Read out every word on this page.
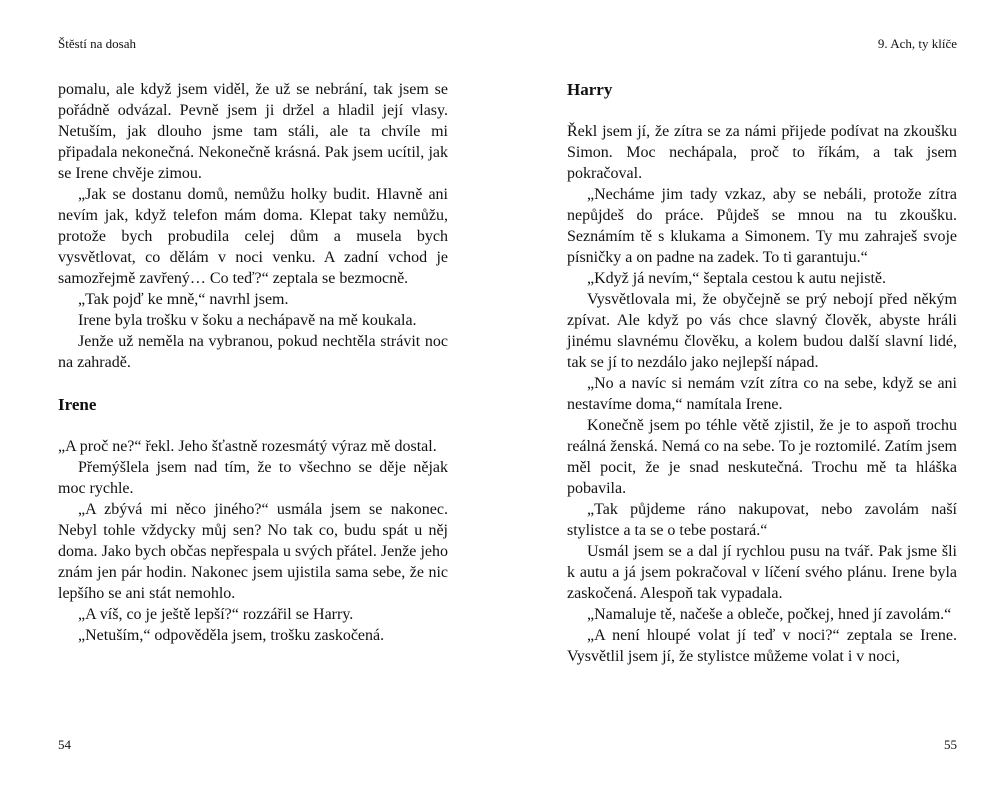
Štěstí na dosah

pomalu, ale když jsem viděl, že už se nebrání, tak jsem se pořádně odvázal. Pevně jsem ji držel a hladil její vlasy. Netuším, jak dlouho jsme tam stáli, ale ta chvíle mi připadala nekonečná. Nekonečně krásná. Pak jsem ucítil, jak se Irene chvěje zimou.

„Jak se dostanu domů, nemůžu holky budit. Hlavně ani nevím jak, když telefon mám doma. Klepat taky nemůžu, protože bych probudila celej dům a musela bych vysvětlovat, co dělám v noci venku. A zadní vchod je samozřejmě zavřený… Co teď?“ zeptala se bezmocně.

„Tak pojď ke mně,“ navrhl jsem.

Irene byla trošku v šoku a nechápavě na mě koukala.

Jenže už neměla na vybranou, pokud nechtěla strávit noc na zahradě.

Irene

„A proč ne?“ řekl. Jeho šťastně rozesmátý výraz mě dostal.

Přemýšlela jsem nad tím, že to všechno se děje nějak moc rychle.

„A zbývá mi něco jiného?“ usmála jsem se nakonec. Nebyl tohle vždycky můj sen? No tak co, budu spát u něj doma. Jako bych občas nepřespala u svých přátel. Jenže jeho znám jen pár hodin. Nakonec jsem ujistila sama sebe, že nic lepšího se ani stát nemohlo.

„A víš, co je ještě lepší?“ rozzářil se Harry.

„Netuším,“ odpověděla jsem, trošku zaskočená.

54
9. Ach, ty klíče
Harry

Řekl jsem jí, že zítra se za námi přijede podívat na zkoušku Simon. Moc nechápala, proč to říkám, a tak jsem pokračoval.

„Necháme jim tady vzkaz, aby se nebáli, protože zítra nepůjdeš do práce. Půjdeš se mnou na tu zkoušku. Seznámím tě s klukama a Simonem. Ty mu zahraješ svoje písničky a on padne na zadek. To ti garantuju.“

„Když já nevím,“ šeptala cestou k autu nejistě.

Vysvětlovala mi, že obyčejně se prý nebojí před někým zpívat. Ale když po vás chce slavný člověk, abyste hráli jinému slavnému člověku, a kolem budou další slavní lidé, tak se jí to nezdálo jako nejlepší nápad.

„No a navíc si nemám vzít zítra co na sebe, když se ani nestavíme doma,“ namítala Irene.

Konečně jsem po téhle větě zjistil, že je to aspoň trochu reálná ženská. Nemá co na sebe. To je roztomilé. Zatím jsem měl pocit, že je snad neskutečná. Trochu mě ta hláška pobavila.

„Tak půjdeme ráno nakupovat, nebo zavolám naší stylistce a ta se o tebe postará.“

Usmál jsem se a dal jí rychlou pusu na tvář. Pak jsme šli k autu a já jsem pokračoval v líčení svého plánu. Irene byla zaskočená. Alespoň tak vypadala.

„Namaluje tě, načeše a obleče, počkej, hned jí zavolám.“

„A není hloupé volat jí teď v noci?“ zeptala se Irene. Vysvětlil jsem jí, že stylistce můžeme volat i v noci,

55
